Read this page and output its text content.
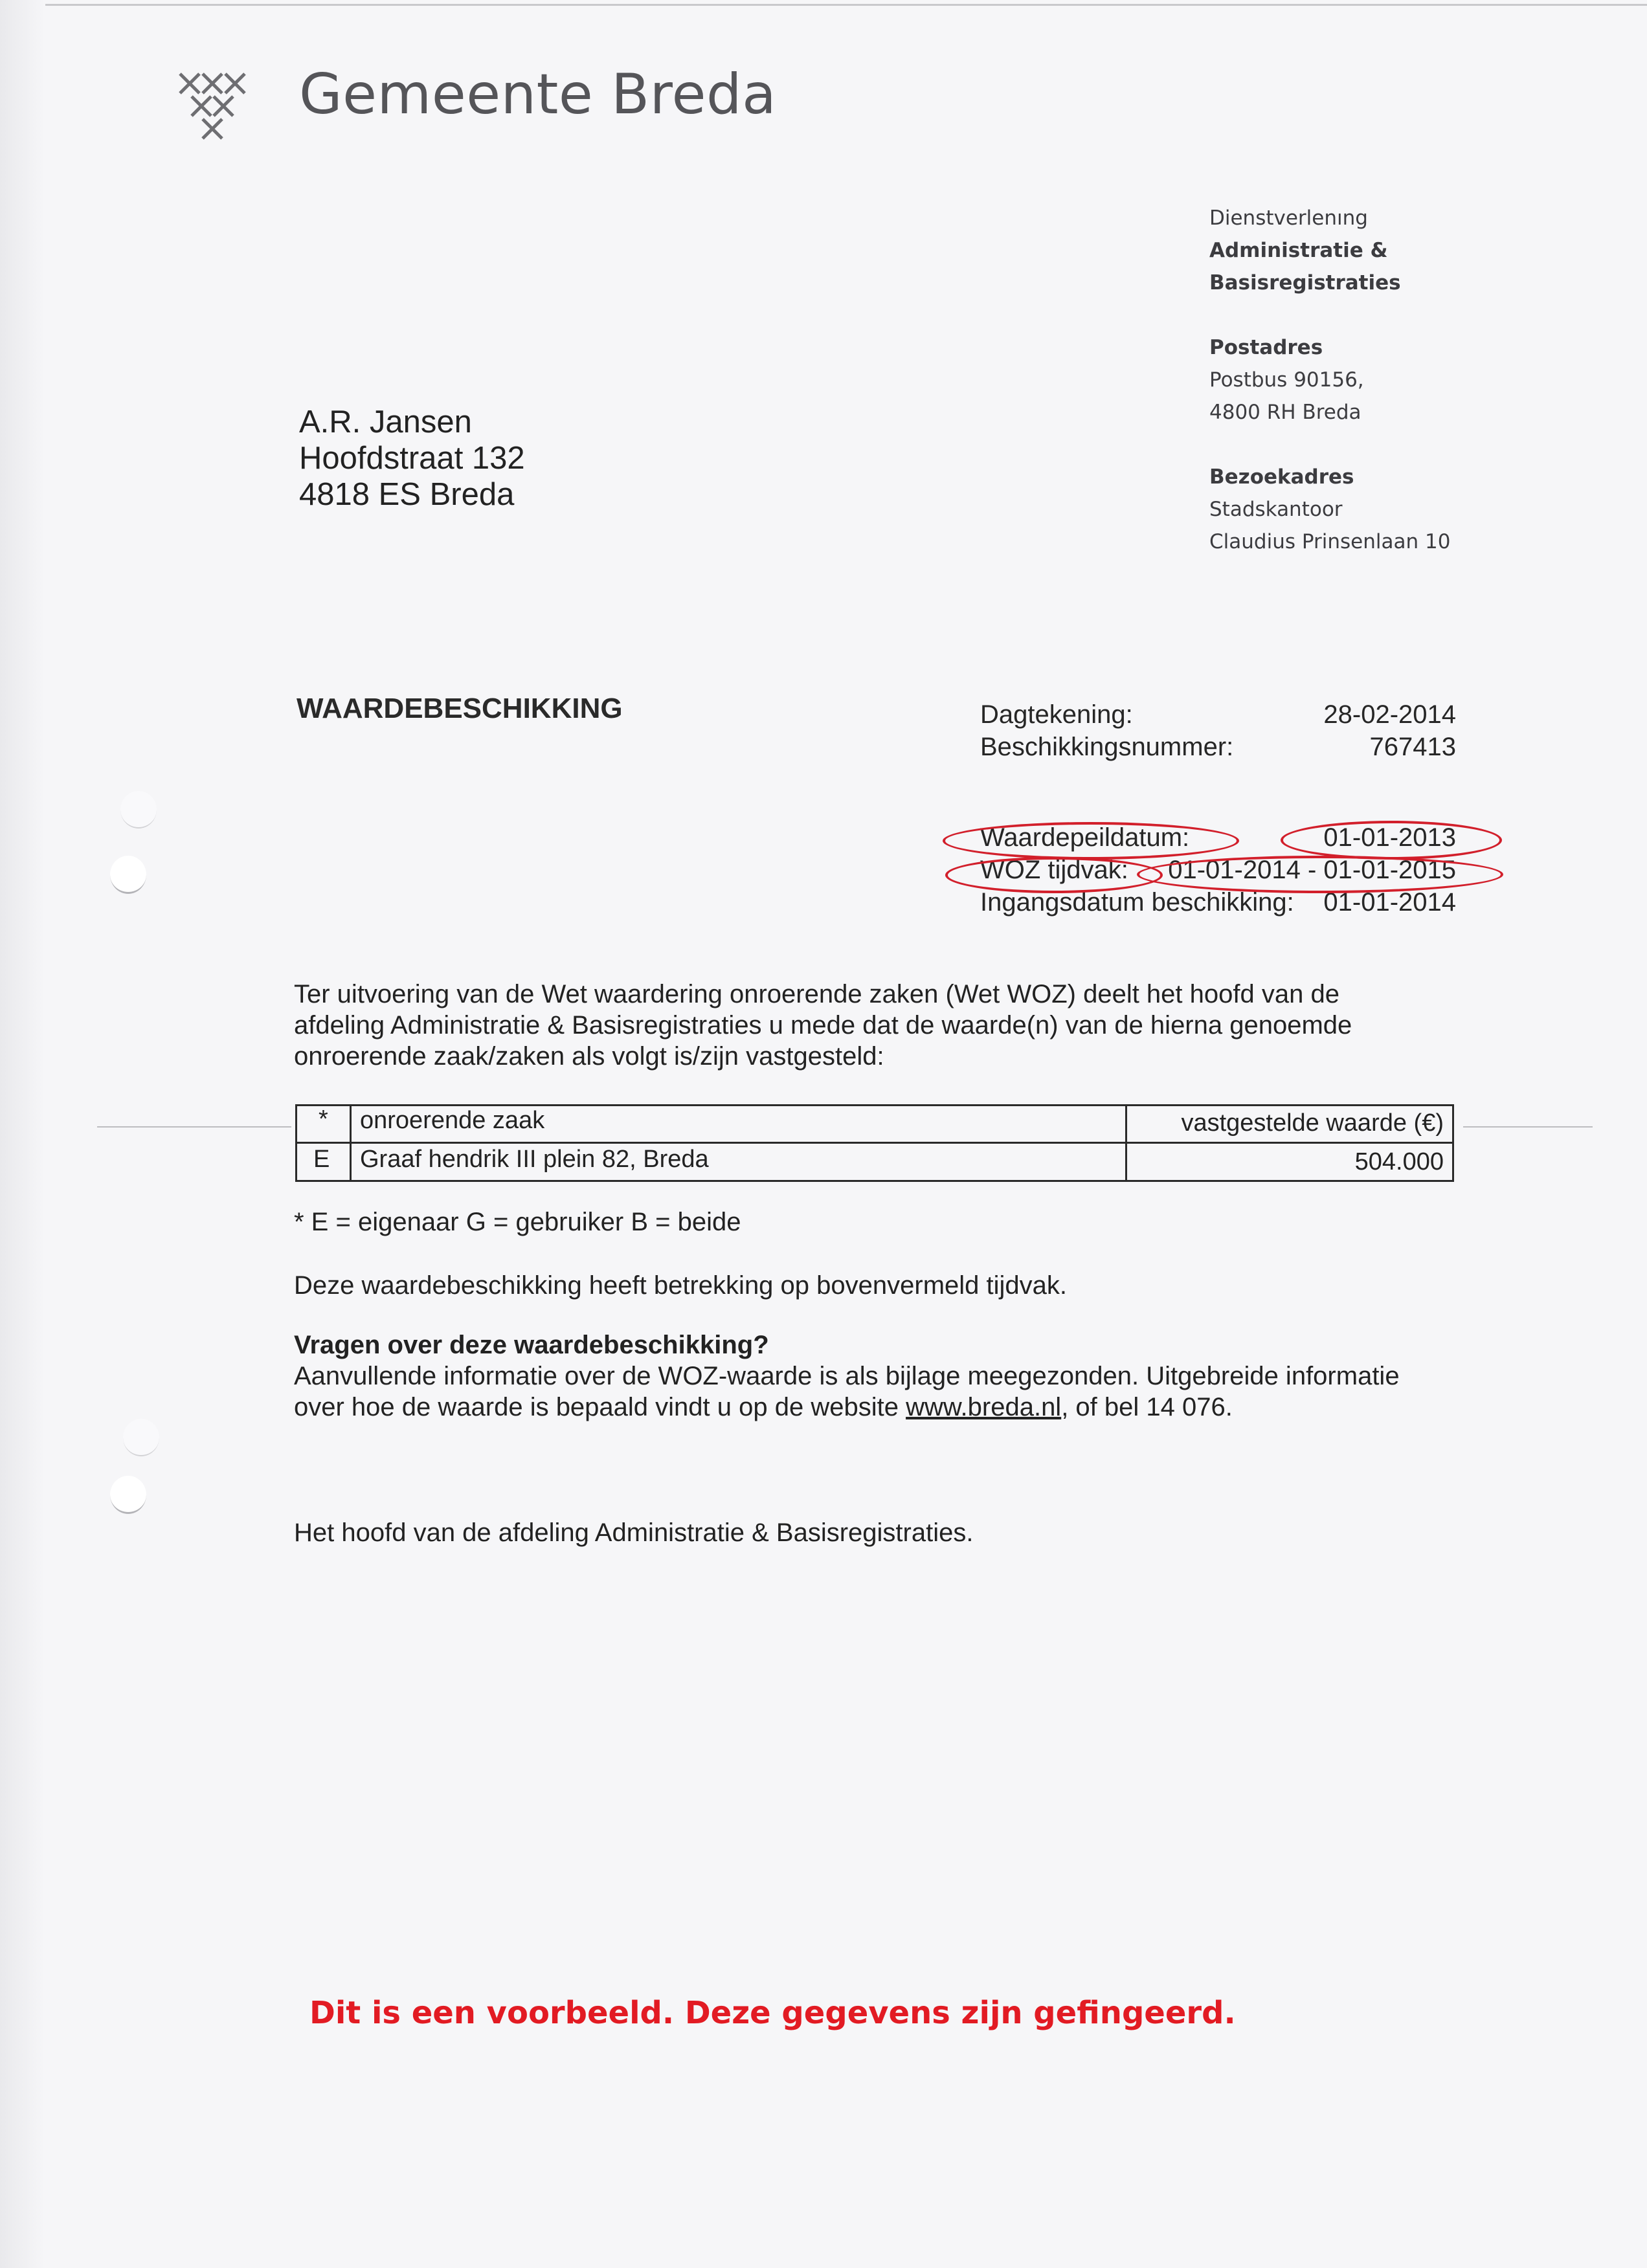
Gemeente Breda
Dienstverlenıng
Administratie &
Basisregistraties
Postadres
Postbus 90156,
4800 RH Breda
Bezoekadres
Stadskantoor
Claudius Prinsenlaan 10
A.R. Jansen
Hoofdstraat 132
4818 ES Breda
WAARDEBESCHIKKING	Dagtekening:	28-02-2014
Beschikkingsnummer:	767413
Waardepeildatum:	01-01-2013
WOZ tijdvak: 01-01-2014 - 01-01-2015
Ingangsdatum beschikking: 01-01-2014
Ter uitvoering van de Wet waardering onroerende zaken (Wet WOZ) deelt het hoofd van de
afdeling Administratie & Basisregistraties u mede dat de waarde(n) van de hierna genoemde
onroerende zaak/zaken als volgt is/zijn vastgesteld:
* onroerende zaak	vastgestelde waarde (€)
E Graaf hendrik III plein 82, Breda	504.000
* E = eigenaar G = gebruiker B = beide
Deze waardebeschikking heeft betrekking op bovenvermeld tijdvak.
Vragen over deze waardebeschikking?
Aanvullende informatie over de WOZ-waarde is als bijlage meegezonden. Uitgebreide informatie
over hoe de waarde is bepaald vindt u op de website www.breda.nl, of bel 14 076.
Het hoofd van de afdeling Administratie & Basisregistraties.
Dit is een voorbeeld. Deze gegevens zijn gefingeerd.
